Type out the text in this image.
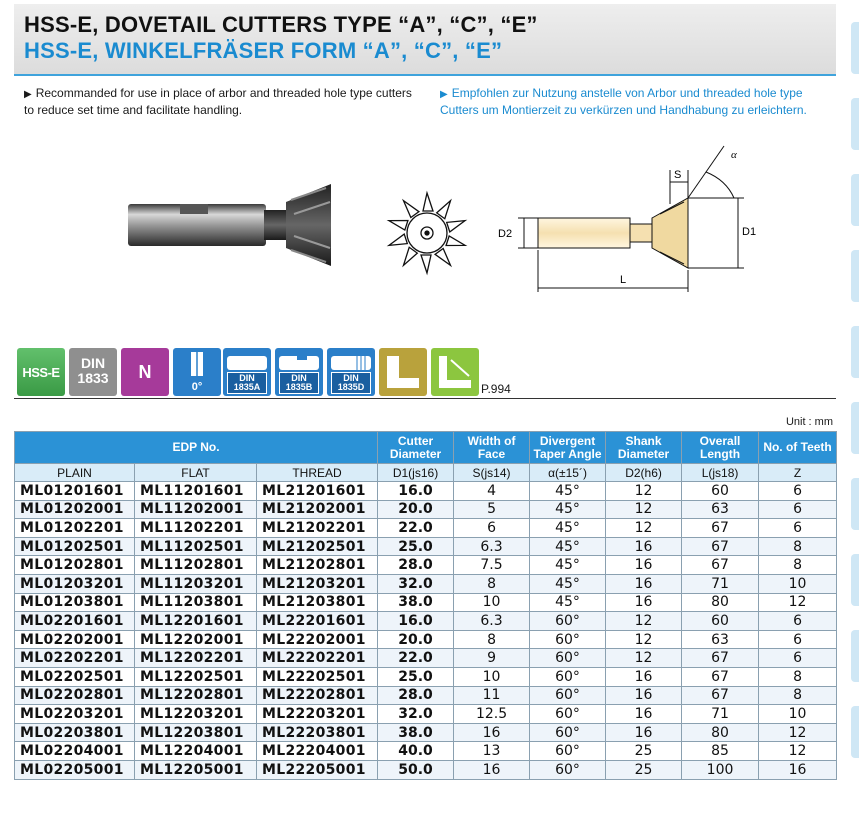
HSS-E, DOVETAIL CUTTERS TYPE “A”, “C”, “E”
HSS-E, WINKELFRÄSER FORM “A”, “C”, “E”
▶ Recommanded for use in place of arbor and threaded hole type cutters to reduce set time and facilitate handling.
▶ Empfohlen zur Nutzung anstelle von Arbor und threaded hole type Cutters um Montierzeit zu verkürzen und Handhabung zu erleichtern.
α
S
D2	D1
L
HSS-E
DIN
1833	N
0°
DIN 1835A
DIN 1835B
DIN 1835D	P.994
Unit : mm
EDP No.			Cutter Diameter	Width of Face	Divergent Taper Angle	Shank Diameter	Overall Length	No. of Teeth
PLAIN	FLAT	THREAD	D1(js16)	S(js14)	α(±15´)	D2(h6)	L(js18)	Z
ML01201601	ML11201601	ML21201601	16.0	4	45°	12	60	6
ML01202001	ML11202001	ML21202001	20.0	5	45°	12	63	6
ML01202201	ML11202201	ML21202201	22.0	6	45°	12	67	6
ML01202501	ML11202501	ML21202501	25.0	6.3	45°	16	67	8
ML01202801	ML11202801	ML21202801	28.0	7.5	45°	16	67	8
ML01203201	ML11203201	ML21203201	32.0	8	45°	16	71	10
ML01203801	ML11203801	ML21203801	38.0	10	45°	16	80	12
ML02201601	ML12201601	ML22201601	16.0	6.3	60°	12	60	6
ML02202001	ML12202001	ML22202001	20.0	8	60°	12	63	6
ML02202201	ML12202201	ML22202201	22.0	9	60°	12	67	6
ML02202501	ML12202501	ML22202501	25.0	10	60°	16	67	8
ML02202801	ML12202801	ML22202801	28.0	11	60°	16	67	8
ML02203201	ML12203201	ML22203201	32.0	12.5	60°	16	71	10
ML02203801	ML12203801	ML22203801	38.0	16	60°	16	80	12
ML02204001	ML12204001	ML22204001	40.0	13	60°	25	85	12
ML02205001	ML12205001	ML22205001	50.0	16	60°	25	100	16
